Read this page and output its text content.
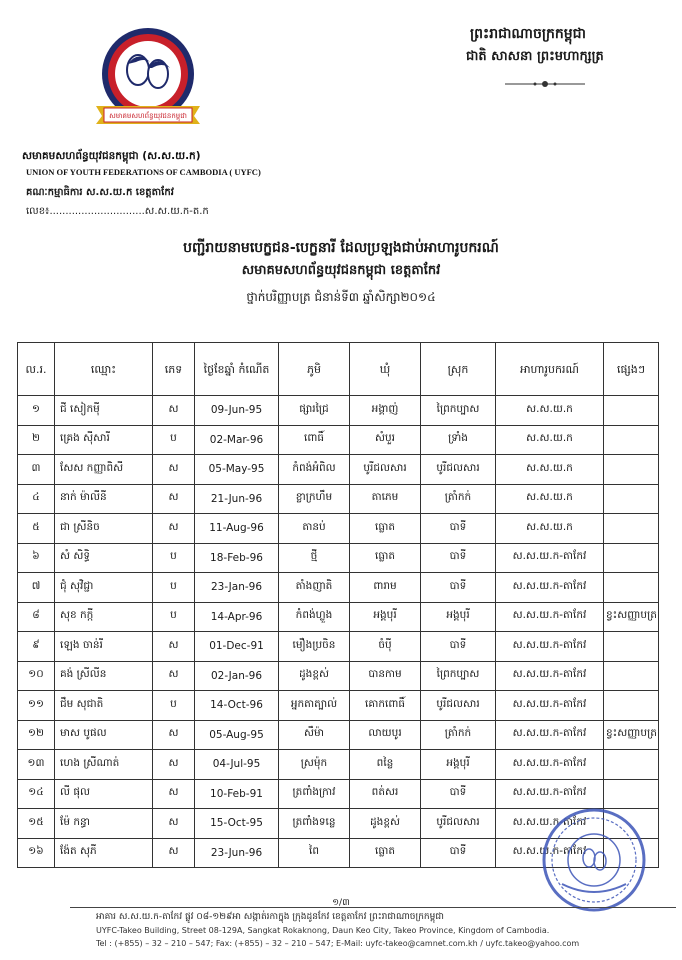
សមាគមសហព័ន្ធយុវជនកម្ពុជា
សមាគមសហព័ន្ធយុវជនកម្ពុជា (ស.ស.យ.ក)
UNION OF YOUTH FEDERATIONS OF CAMBODIA ( UYFC)
គណៈកម្មាធិការ ស.ស.យ.ក ខេត្តតាកែវ
លេខ៖..............................ស.ស.យ.ក-ត.ក
ព្រះរាជាណាចក្រកម្ពុជា
ជាតិ សាសនា ព្រះមហាក្សត្រ
បញ្ជីរាយនាមបេក្ខជន-បេក្ខនារី ដែលប្រឡងជាប់អាហារូបករណ៍
សមាគមសហព័ន្ធយុវជនកម្ពុជា ខេត្តតាកែវ
ថ្នាក់បរិញ្ញាបត្រ ជំនាន់ទី៣ ឆ្នាំសិក្សា២០១៤
ល.រ.	ឈ្មោះ	ភេទ	ថ្ងៃខែឆ្នាំ កំណើត	ភូមិ	ឃុំ	ស្រុក	អាហារូបករណ៍	ផ្សេងៗ
១	ជី សៀកម៉ី	ស	09-Jun-95	ផ្សារជ្រៃ	អង្គាញ់	ព្រៃកប្បាស	ស.ស.យ.ក	
២	គ្រេង ស៊ីសារី	ប	02-Mar-96	ពោធិ៍	សំបួរ	ទ្រាំង	ស.ស.យ.ក	
៣	សែស កញ្ញាពិសី	ស	05-May-95	កំពង់អំពិល	បូរីជលសារ	បូរីជលសារ	ស.ស.យ.ក	
៤	នាក់ ម៉ាលីនី	ស	21-Jun-96	ខ្លាក្រហឹម	តាភេម	ត្រាំកក់	ស.ស.យ.ក	
៥	ជា ស្រីនិច	ស	11-Aug-96	តានប់	ធ្លោត	បាទី	ស.ស.យ.ក	
៦	សំ សិទ្ធិ	ប	18-Feb-96	ថ្មី	ធ្លោត	បាទី	ស.ស.យ.ក-តាកែវ	
៧	ជុំ សុវិជ្ជា	ប	23-Jan-96	តាំងញាតិ	ពារាម	បាទី	ស.ស.យ.ក-តាកែវ	
៨	សុខ កក្កី	ប	14-Apr-96	កំពង់ហ្លួង	អង្គបុរី	អង្គបុរី	ស.ស.យ.ក-តាកែវ	ខ្វះសញ្ញាបត្រ
៩	ឡេង ចាន់រី	ស	01-Dec-91	មឿងប្រចិន	ចំប៉ី	បាទី	ស.ស.យ.ក-តាកែវ	
១០	គង់ ស្រីលីន	ស	02-Jan-96	ដូងខ្ពស់	បានកាម	ព្រៃកប្បាស	ស.ស.យ.ក-តាកែវ	
១១	ជឹម សុជាតិ	ប	14-Oct-96	អ្នកតាត្បាល់	គោកពោធិ៍	បូរីជលសារ	ស.ស.យ.ក-តាកែវ	
១២	មាស បូផល	ស	05-Aug-95	សឹម៉ា	លាយបូរ	ត្រាំកក់	ស.ស.យ.ក-តាកែវ	ខ្វះសញ្ញាបត្រ
១៣	ហេង ស្រីណាត់	ស	04-Jul-95	ស្រម៉ុក	ពន្លៃ	អង្គបុរី	ស.ស.យ.ក-តាកែវ	
១៤	លី ផុល	ស	10-Feb-91	ត្រពាំងក្រាវ	ពត់សរ	បាទី	ស.ស.យ.ក-តាកែវ	
១៥	ម៉ែ កន្ធា	ស	15-Oct-95	ត្រពាំងទន្លេ	ដូងខ្ពស់	បូរីជលសារ	ស.ស.យ.ក-តាកែវ	
១៦	ង៉ែត សុភី	ស	23-Jun-96	ពៃ	ធ្លោត	បាទី	ស.ស.យ.ក-តាកែវ	
១/៣
អាគារ ស.ស.យ.ក-តាកែវ ផ្លូវ ០៨-១២៩អា សង្កាត់រកាក្នុង ក្រុងដូនកែវ ខេត្តតាកែវ ព្រះរាជាណាចក្រកម្ពុជា
UYFC-Takeo Building, Street 08-129A, Sangkat Rokaknong, Daun Keo City, Takeo Province, Kingdom of Cambodia.
Tel : (+855) – 32 – 210 – 547; Fax: (+855) – 32 – 210 – 547; E-Mail: uyfc-takeo@camnet.com.kh / uyfc.takeo@yahoo.com
